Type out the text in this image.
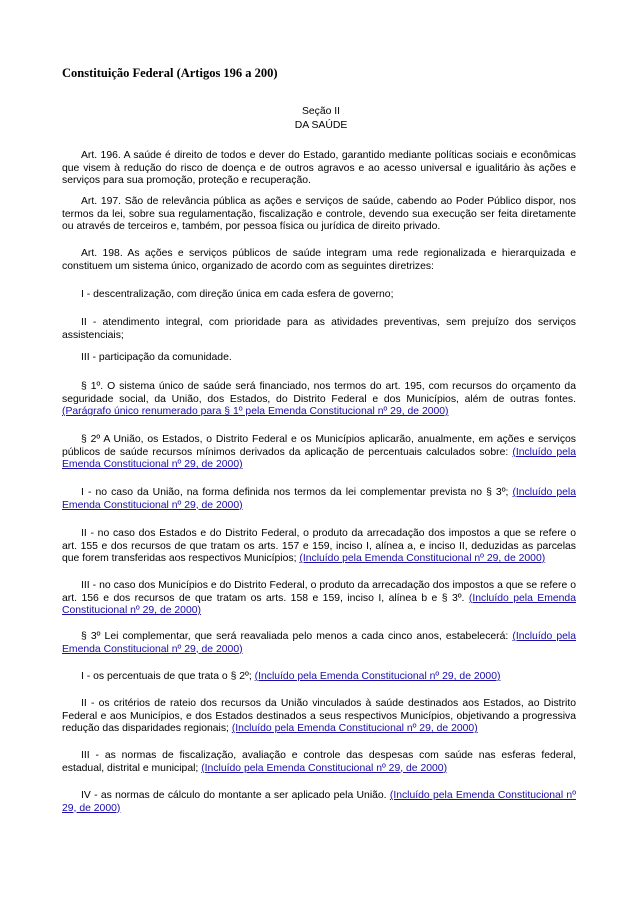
Constituição Federal (Artigos 196 a 200)
Seção II
DA SAÚDE

Art. 196. A saúde é direito de todos e dever do Estado, garantido mediante políticas sociais e econômicas que visem à redução do risco de doença e de outros agravos e ao acesso universal e igualitário às ações e serviços para sua promoção, proteção e recuperação.

Art. 197. São de relevância pública as ações e serviços de saúde, cabendo ao Poder Público dispor, nos termos da lei, sobre sua regulamentação, fiscalização e controle, devendo sua execução ser feita diretamente ou através de terceiros e, também, por pessoa física ou jurídica de direito privado.

Art. 198. As ações e serviços públicos de saúde integram uma rede regionalizada e hierarquizada e constituem um sistema único, organizado de acordo com as seguintes diretrizes:

I - descentralização, com direção única em cada esfera de governo;

II - atendimento integral, com prioridade para as atividades preventivas, sem prejuízo dos serviços assistenciais;

III - participação da comunidade.

§ 1º. O sistema único de saúde será financiado, nos termos do art. 195, com recursos do orçamento da seguridade social, da União, dos Estados, do Distrito Federal e dos Municípios, além de outras fontes. (Parágrafo único renumerado para § 1º pela Emenda Constitucional nº 29, de 2000)

§ 2º A União, os Estados, o Distrito Federal e os Municípios aplicarão, anualmente, em ações e serviços públicos de saúde recursos mínimos derivados da aplicação de percentuais calculados sobre: (Incluído pela Emenda Constitucional nº 29, de 2000)

I - no caso da União, na forma definida nos termos da lei complementar prevista no § 3º; (Incluído pela Emenda Constitucional nº 29, de 2000)

II - no caso dos Estados e do Distrito Federal, o produto da arrecadação dos impostos a que se refere o art. 155 e dos recursos de que tratam os arts. 157 e 159, inciso I, alínea a, e inciso II, deduzidas as parcelas que forem transferidas aos respectivos Municípios; (Incluído pela Emenda Constitucional nº 29, de 2000)

III - no caso dos Municípios e do Distrito Federal, o produto da arrecadação dos impostos a que se refere o art. 156 e dos recursos de que tratam os arts. 158 e 159, inciso I, alínea b e § 3º. (Incluído pela Emenda Constitucional nº 29, de 2000)

§ 3º Lei complementar, que será reavaliada pelo menos a cada cinco anos, estabelecerá: (Incluído pela Emenda Constitucional nº 29, de 2000)

I - os percentuais de que trata o § 2º; (Incluído pela Emenda Constitucional nº 29, de 2000)

II - os critérios de rateio dos recursos da União vinculados à saúde destinados aos Estados, ao Distrito Federal e aos Municípios, e dos Estados destinados a seus respectivos Municípios, objetivando a progressiva redução das disparidades regionais; (Incluído pela Emenda Constitucional nº 29, de 2000)

III - as normas de fiscalização, avaliação e controle das despesas com saúde nas esferas federal, estadual, distrital e municipal; (Incluído pela Emenda Constitucional nº 29, de 2000)

IV - as normas de cálculo do montante a ser aplicado pela União. (Incluído pela Emenda Constitucional nº 29, de 2000)
